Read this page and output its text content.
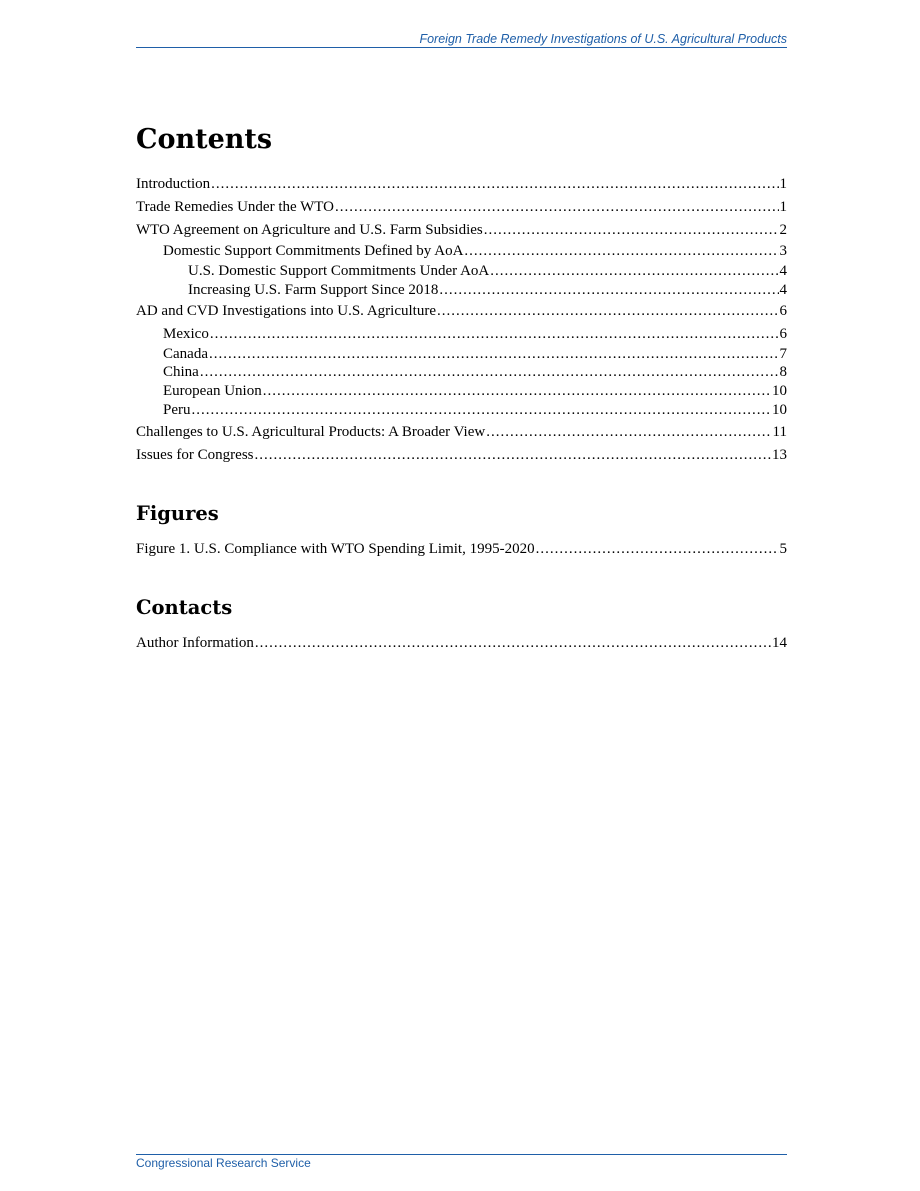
Foreign Trade Remedy Investigations of U.S. Agricultural Products
Contents
Introduction .....	1
Trade Remedies Under the WTO .....	1
WTO Agreement on Agriculture and U.S. Farm Subsidies .....	2
Domestic Support Commitments Defined by AoA .....	3
U.S. Domestic Support Commitments Under AoA .....	4
Increasing U.S. Farm Support Since 2018 .....	4
AD and CVD Investigations into U.S. Agriculture .....	6
Mexico .....	6
Canada .....	7
China .....	8
European Union .....	10
Peru .....	10
Challenges to U.S. Agricultural Products: A Broader View .....	11
Issues for Congress .....	13
Figures
Figure 1. U.S. Compliance with WTO Spending Limit, 1995-2020 .....	5
Contacts
Author Information .....	14
Congressional Research Service
